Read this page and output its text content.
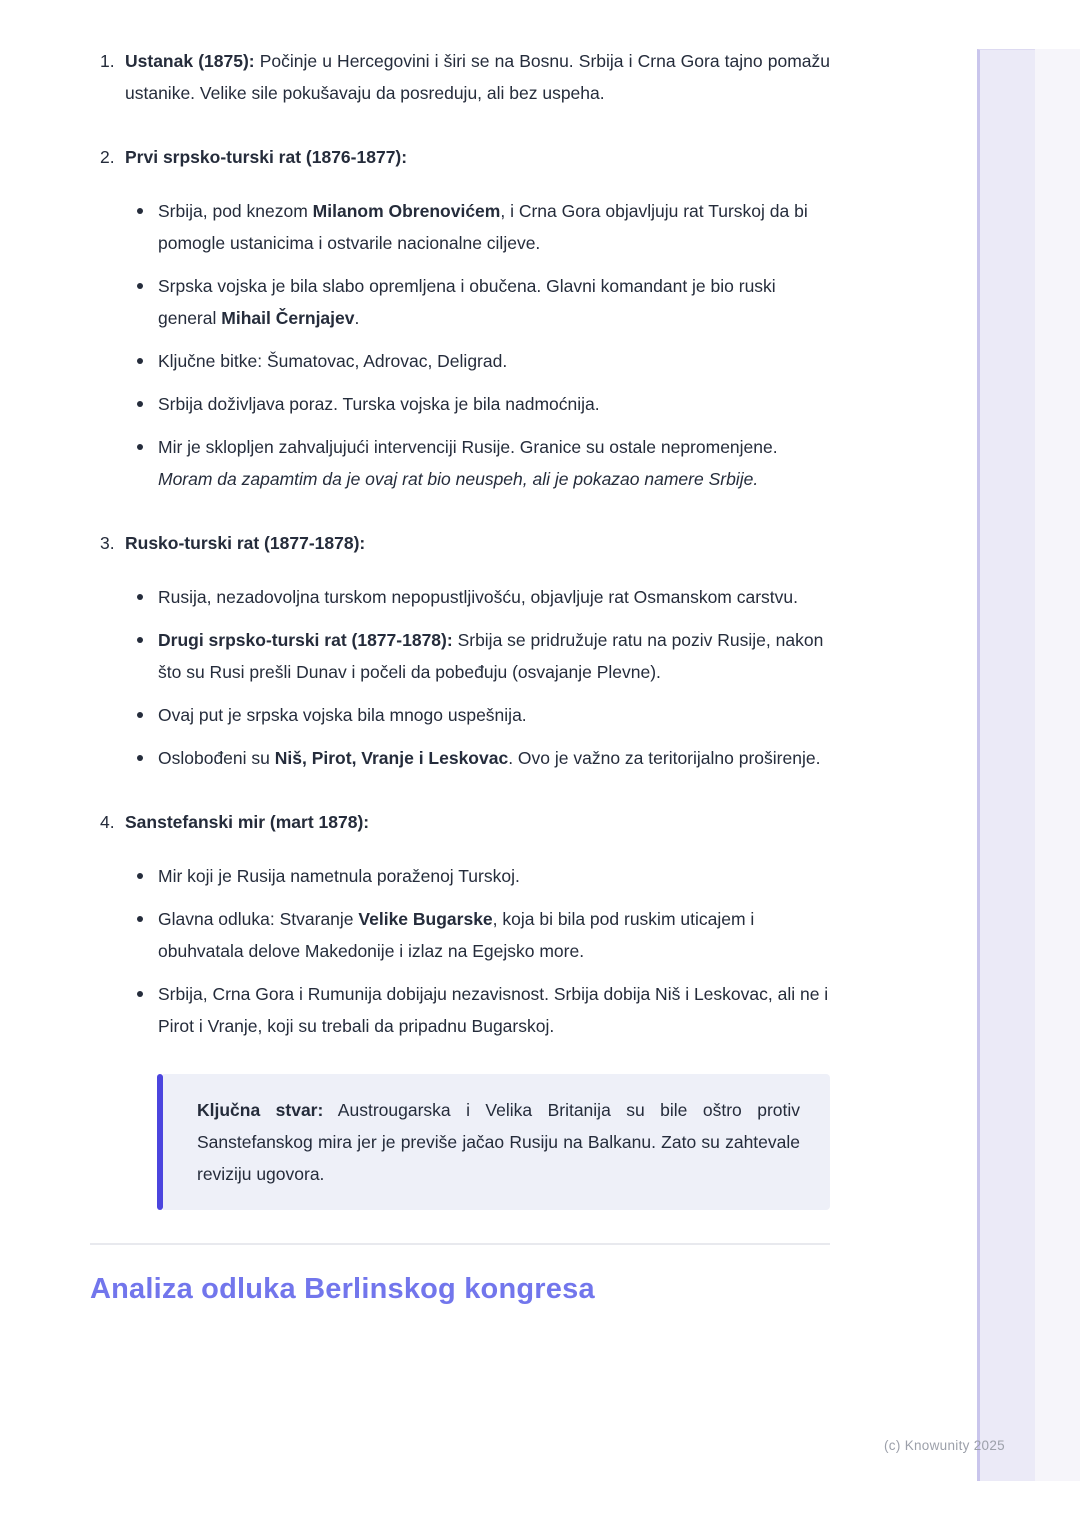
(c) Knowunity 2025
1. Ustanak (1875): Počinje u Hercegovini i širi se na Bosnu. Srbija i Crna Gora tajno pomažu ustanike. Velike sile pokušavaju da posreduju, ali bez uspeha.

2. Prvi srpsko-turski rat (1876-1877):

Srbija, pod knezom Milanom Obrenovićem, i Crna Gora objavljuju rat Turskoj da bi pomogle ustanicima i ostvarile nacionalne ciljeve.
Srpska vojska je bila slabo opremljena i obučena. Glavni komandant je bio ruski general Mihail Černjajev.
Ključne bitke: Šumatovac, Adrovac, Deligrad.
Srbija doživljava poraz. Turska vojska je bila nadmoćnija.
Mir je sklopljen zahvaljujući intervenciji Rusije. Granice su ostale nepromenjene. Moram da zapamtim da je ovaj rat bio neuspeh, ali je pokazao namere Srbije.
3. Rusko-turski rat (1877-1878):

Rusija, nezadovoljna turskom nepopustljivošću, objavljuje rat Osmanskom carstvu.
Drugi srpsko-turski rat (1877-1878): Srbija se pridružuje ratu na poziv Rusije, nakon što su Rusi prešli Dunav i počeli da pobeđuju (osvajanje Plevne).
Ovaj put je srpska vojska bila mnogo uspešnija.
Oslobođeni su Niš, Pirot, Vranje i Leskovac. Ovo je važno za teritorijalno proširenje.
4. Sanstefanski mir (mart 1878):

Mir koji je Rusija nametnula poraženoj Turskoj.
Glavna odluka: Stvaranje Velike Bugarske, koja bi bila pod ruskim uticajem i obuhvatala delove Makedonije i izlaz na Egejsko more.
Srbija, Crna Gora i Rumunija dobijaju nezavisnost. Srbija dobija Niš i Leskovac, ali ne i Pirot i Vranje, koji su trebali da pripadnu Bugarskoj.

Ključna stvar: Austrougarska i Velika Britanija su bile oštro protiv Sanstefanskog mira jer je previše jačao Rusiju na Balkanu. Zato su zahtevale reviziju ugovora.

Analiza odluka Berlinskog kongresa
